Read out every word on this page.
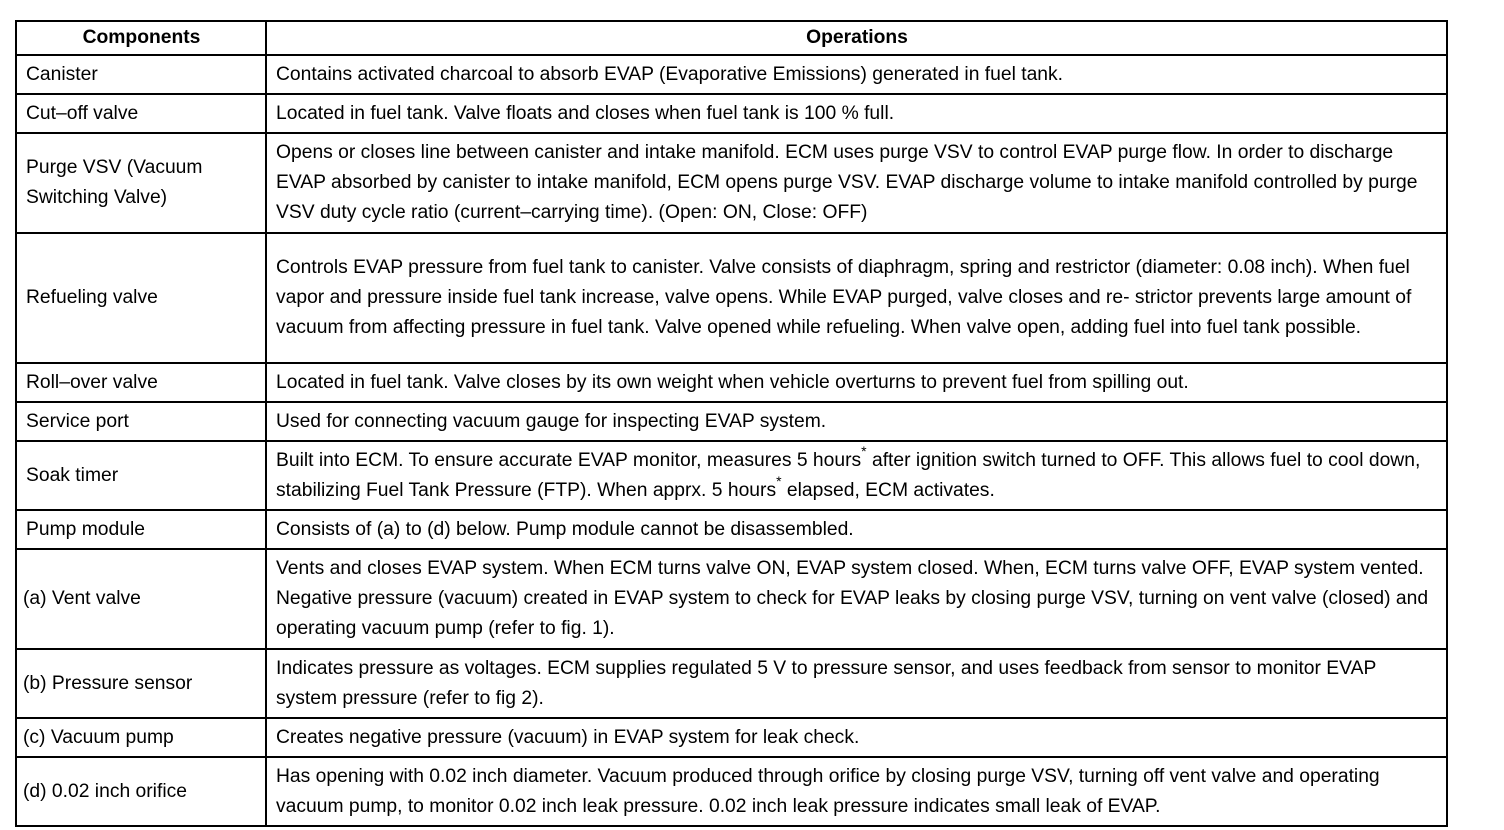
Components	Operations
Canister	Contains activated charcoal to absorb EVAP (Evaporative Emissions) generated in fuel tank.
Cut–off valve	Located in fuel tank. Valve floats and closes when fuel tank is 100 % full.
Purge VSV (Vacuum Switching Valve)	Opens or closes line between canister and intake manifold. ECM uses purge VSV to control EVAP purge flow. In order to discharge EVAP absorbed by canister to intake manifold, ECM opens purge VSV. EVAP discharge volume to intake manifold controlled by purge VSV duty cycle ratio (current–carrying time). (Open: ON, Close: OFF)
Refueling valve	Controls EVAP pressure from fuel tank to canister. Valve consists of diaphragm, spring and restrictor (diameter: 0.08 inch). When fuel vapor and pressure inside fuel tank increase, valve opens. While EVAP purged, valve closes and re- strictor prevents large amount of vacuum from affecting pressure in fuel tank. Valve opened while refueling. When valve open, adding fuel into fuel tank possible.
Roll–over valve	Located in fuel tank. Valve closes by its own weight when vehicle overturns to prevent fuel from spilling out.
Service port	Used for connecting vacuum gauge for inspecting EVAP system.
Soak timer	Built into ECM. To ensure accurate EVAP monitor, measures 5 hours* after ignition switch turned to OFF. This allows fuel to cool down, stabilizing Fuel Tank Pressure (FTP). When apprx. 5 hours* elapsed, ECM activates.
Pump module	Consists of (a) to (d) below. Pump module cannot be disassembled.
(a) Vent valve	Vents and closes EVAP system. When ECM turns valve ON, EVAP system closed. When, ECM turns valve OFF, EVAP system vented. Negative pressure (vacuum) created in EVAP system to check for EVAP leaks by closing purge VSV, turning on vent valve (closed) and operating vacuum pump (refer to fig. 1).
(b) Pressure sensor	Indicates pressure as voltages. ECM supplies regulated 5 V to pressure sensor, and uses feedback from sensor to monitor EVAP system pressure (refer to fig 2).
(c) Vacuum pump	Creates negative pressure (vacuum) in EVAP system for leak check.
(d) 0.02 inch orifice	Has opening with 0.02 inch diameter. Vacuum produced through orifice by closing purge VSV, turning off vent valve and operating vacuum pump, to monitor 0.02 inch leak pressure. 0.02 inch leak pressure indicates small leak of EVAP.
